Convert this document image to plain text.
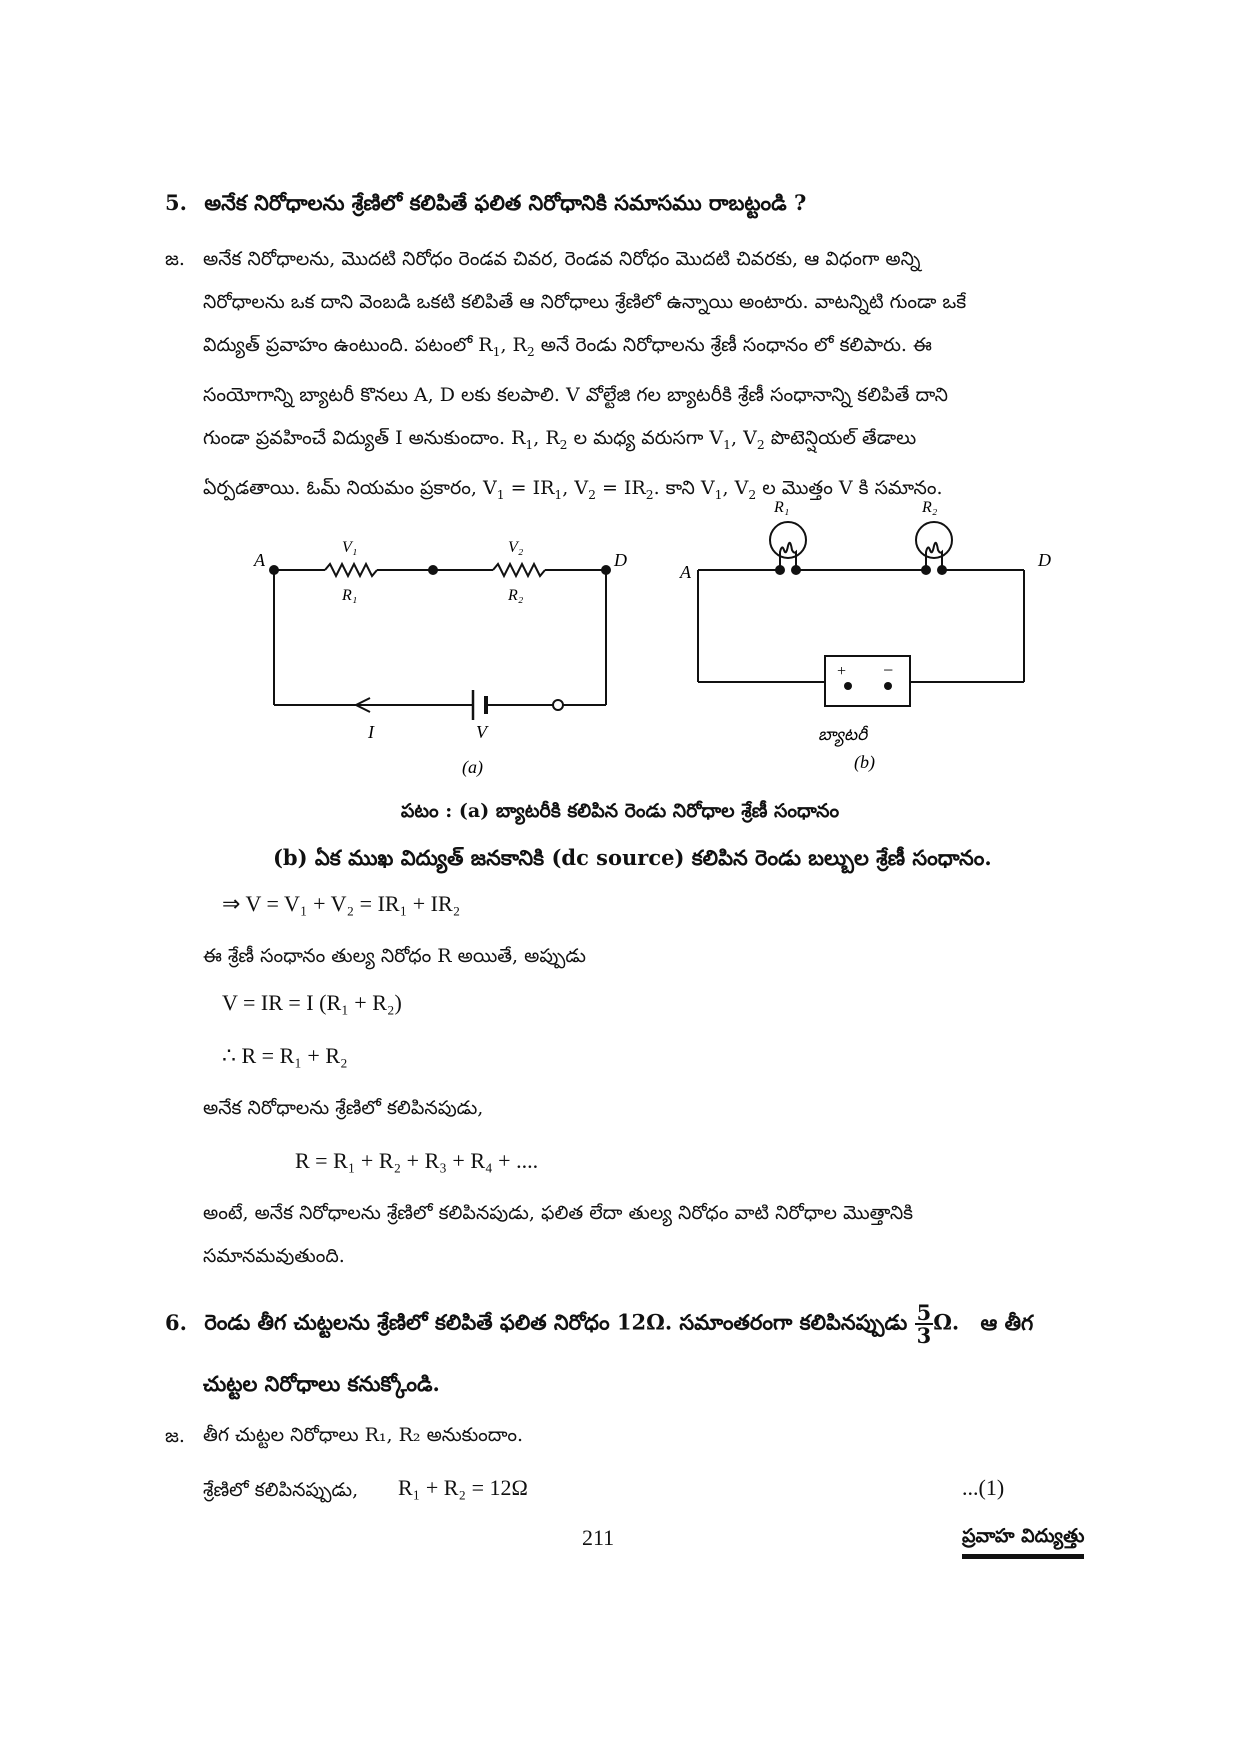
5. అనేక నిరోధాలను శ్రేణిలో కలిపితే ఫలిత నిరోధానికి సమాసము రాబట్టండి ?
జ. అనేక నిరోధాలను, మొదటి నిరోధం రెండవ చివర, రెండవ నిరోధం మొదటి చివరకు, ఆ విధంగా అన్ని
నిరోధాలను ఒక దాని వెంబడి ఒకటి కలిపితే ఆ నిరోధాలు శ్రేణిలో ఉన్నాయి అంటారు. వాటన్నిటి గుండా ఒకే
విద్యుత్ ప్రవాహం ఉంటుంది. పటంలో $R_1$, $R_2$ అనే రెండు నిరోధాలను శ్రేణీ సంధానం లో కలిపారు. ఈ
సంయోగాన్ని బ్యాటరీ కొనలు A, D లకు కలపాలి. V వోల్టేజి గల బ్యాటరీకి శ్రేణీ సంధానాన్ని కలిపితే దాని
గుండా ప్రవహించే విద్యుత్ I అనుకుందాం. $R_1$, $R_2$ ల మధ్య వరుసగా $V_1$, $V_2$ పొటెన్షియల్ తేడాలు
ఏర్పడతాయి. ఓమ్ నియమం ప్రకారం, $V_1 = IR_1$, $V_2 = IR_2$. కాని $V_1$, $V_2$ ల మొత్తం V కి సమానం.
A	D
V₁	V₂
R₁	R₂
I	V
(a)
+ −
A
D
R₁	R₂
బ్యాటరీ
(b)
పటం : (a) బ్యాటరీకి కలిపిన రెండు నిరోధాల శ్రేణీ సంధానం
(b) ఏక ముఖ విద్యుత్ జనకానికి (dc source) కలిపిన రెండు బల్బుల శ్రేణీ సంధానం.
⇒ V = V₁ + V₂ = IR₁ + IR₂
ఈ శ్రేణీ సంధానం తుల్య నిరోధం R అయితే, అప్పుడు
V = IR = I (R₁ + R₂)
∴ R = R₁ + R₂
అనేక నిరోధాలను శ్రేణిలో కలిపినపుడు,
R = R₁ + R₂ + R₃ + R₄ + ....
అంటే, అనేక నిరోధాలను శ్రేణిలో కలిపినపుడు, ఫలిత లేదా తుల్య నిరోధం వాటి నిరోధాల మొత్తానికి
సమానమవుతుంది.
6. రెండు తీగ చుట్టలను శ్రేణిలో కలిపితే ఫలిత నిరోధం 12Ω. సమాంతరంగా కలిపినప్పుడు $\frac{5}{3} \Omega$. ఆ తీగ
చుట్టల నిరోధాలు కనుక్కోండి.
జ. తీగ చుట్టల నిరోధాలు R₁, R₂ అనుకుందాం.
శ్రేణిలో కలిపినప్పుడు, R₁ + R₂ = 12Ω	...(1)
211	ప్రవాహ విద్యుత్తు
